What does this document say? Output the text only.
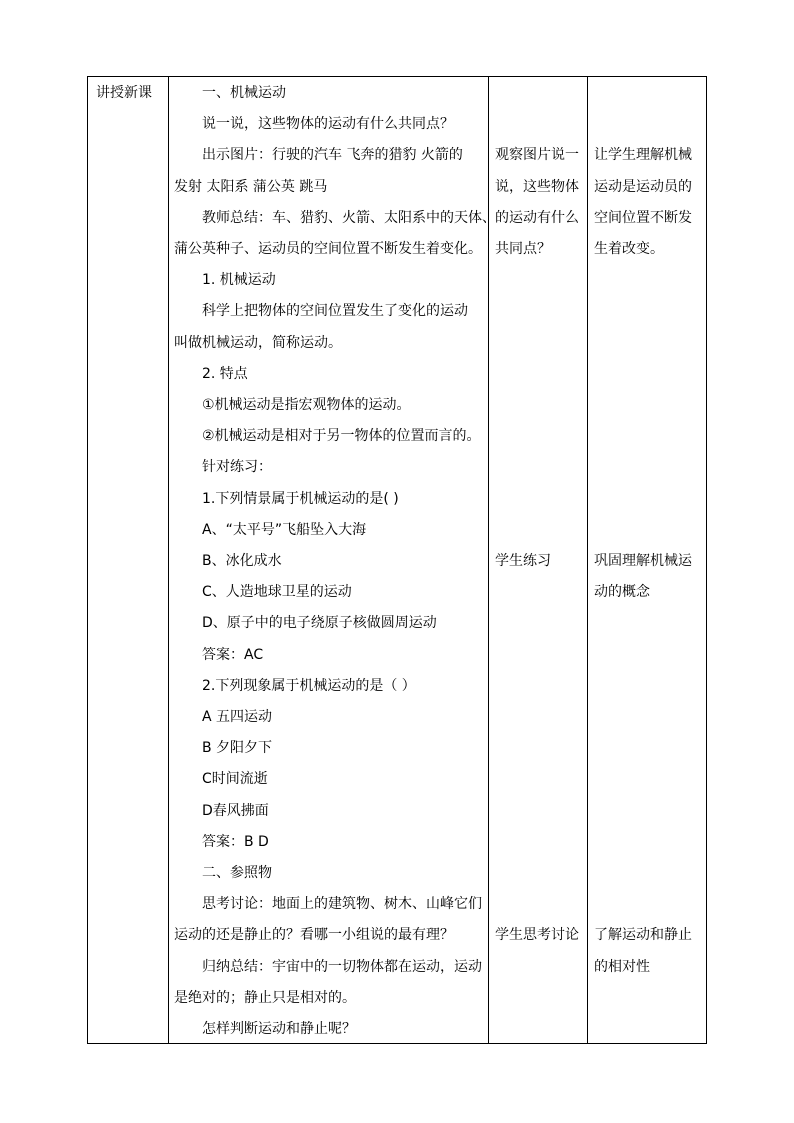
讲授新课	一、机械运动
说一说，这些物体的运动有什么共同点？
出示图片：行驶的汽车 飞奔的猎豹 火箭的
发射 太阳系 蒲公英 跳马
教师总结：车、猎豹、火箭、太阳系中的天体、
蒲公英种子、运动员的空间位置不断发生着变化。
1. 机械运动
科学上把物体的空间位置发生了变化的运动
叫做机械运动，简称运动。
2. 特点
①机械运动是指宏观物体的运动。
②机械运动是相对于另一物体的位置而言的。
针对练习：
1.下列情景属于机械运动的是( )
A、“太平号”飞船坠入大海
B、冰化成水
C、人造地球卫星的运动
D、原子中的电子绕原子核做圆周运动
答案：AC
2.下列现象属于机械运动的是（ ）
A 五四运动
B 夕阳夕下
C时间流逝
D春风拂面
答案：B D
二、参照物
思考讨论：地面上的建筑物、树木、山峰它们
运动的还是静止的？看哪一小组说的最有理？
归纳总结：宇宙中的一切物体都在运动，运动
是绝对的；静止只是相对的。
怎样判断运动和静止呢？
观察图片说一
说，这些物体
的运动有什么
共同点？
学生练习
学生思考讨论
让学生理解机械
运动是运动员的
空间位置不断发
生着改变。
巩固理解机械运
动的概念
了解运动和静止
的相对性
